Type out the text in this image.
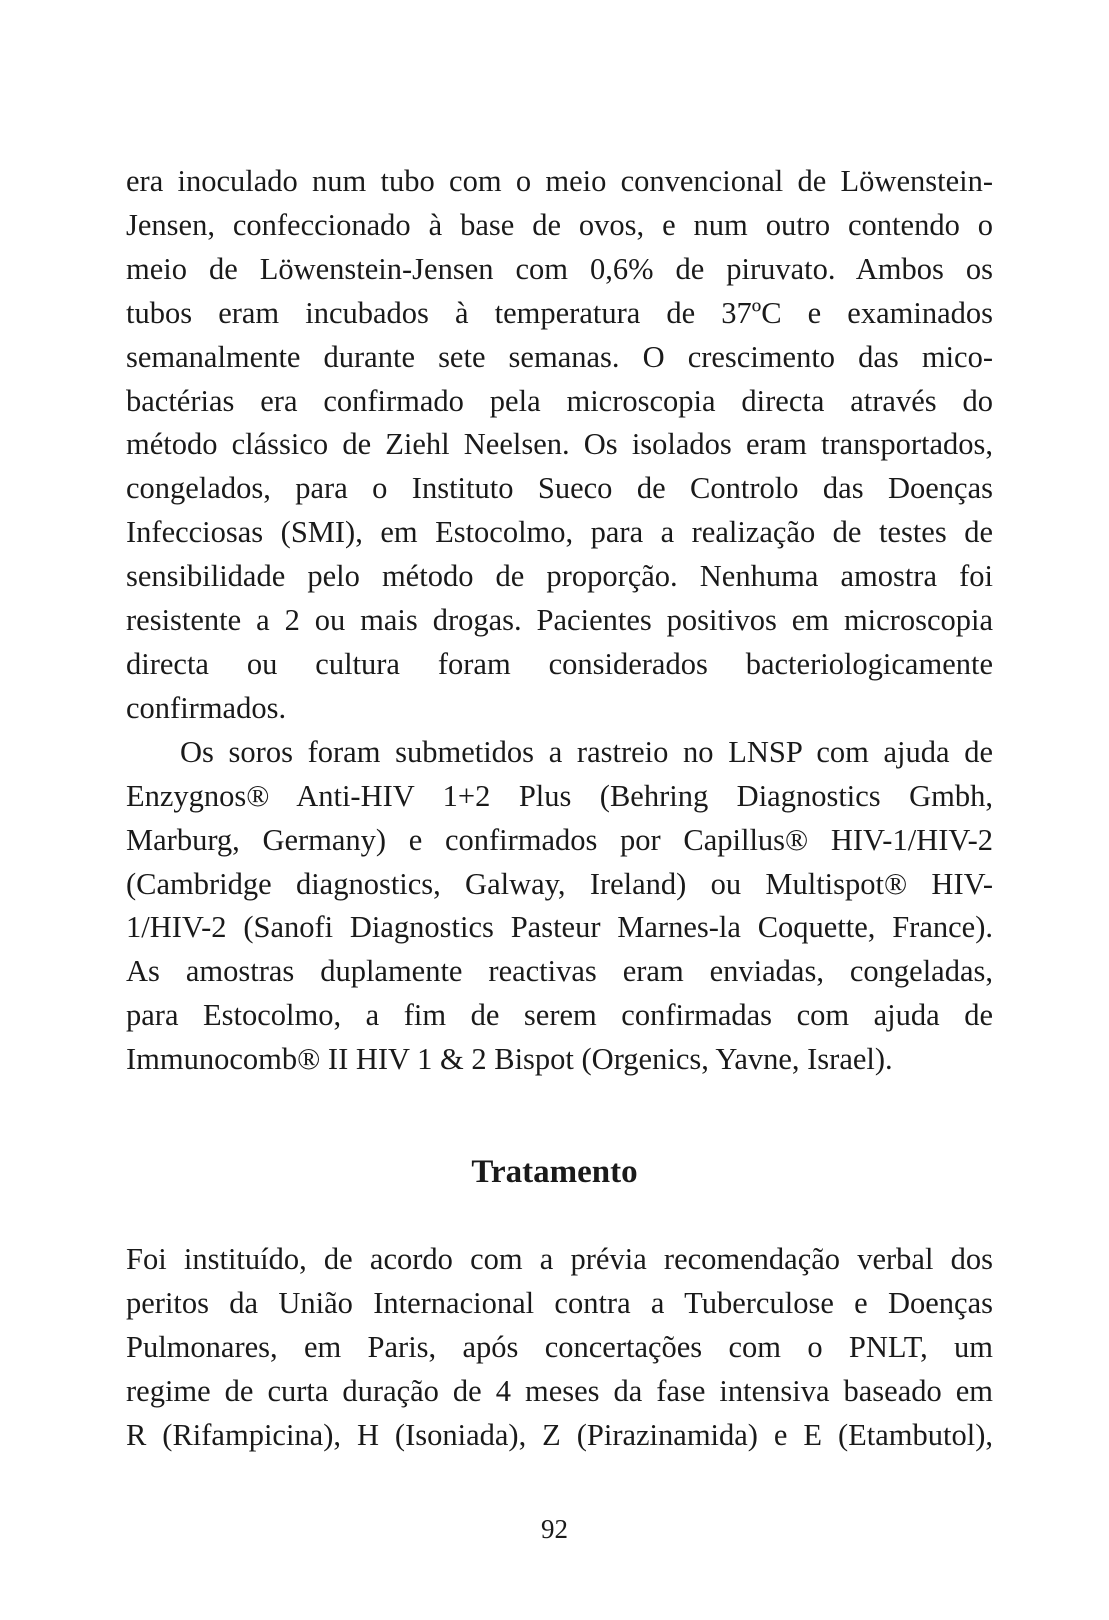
era inoculado num tubo com o meio convencional de Löwenstein-
Jensen, confeccionado à base de ovos, e num outro contendo o
meio de Löwenstein-Jensen com 0,6% de piruvato. Ambos os
tubos eram incubados à temperatura de 37ºC e examinados
semanalmente durante sete semanas. O crescimento das mico-
bactérias era confirmado pela microscopia directa através do
método clássico de Ziehl Neelsen. Os isolados eram transportados,
congelados, para o Instituto Sueco de Controlo das Doenças
Infecciosas (SMI), em Estocolmo, para a realização de testes de
sensibilidade pelo método de proporção. Nenhuma amostra foi
resistente a 2 ou mais drogas. Pacientes positivos em microscopia
directa ou cultura foram considerados bacteriologicamente
confirmados.
Os soros foram submetidos a rastreio no LNSP com ajuda de
Enzygnos® Anti-HIV 1+2 Plus (Behring Diagnostics Gmbh,
Marburg, Germany) e confirmados por Capillus® HIV-1/HIV-2
(Cambridge diagnostics, Galway, Ireland) ou Multispot® HIV-
1/HIV-2 (Sanofi Diagnostics Pasteur Marnes-la Coquette, France).
As amostras duplamente reactivas eram enviadas, congeladas,
para Estocolmo, a fim de serem confirmadas com ajuda de
Immunocomb® II HIV 1 & 2 Bispot (Orgenics, Yavne, Israel).
Tratamento
Foi instituído, de acordo com a prévia recomendação verbal dos
peritos da União Internacional contra a Tuberculose e Doenças
Pulmonares, em Paris, após concertações com o PNLT, um
regime de curta duração de 4 meses da fase intensiva baseado em
R (Rifampicina), H (Isoniada), Z (Pirazinamida) e E (Etambutol),
92
